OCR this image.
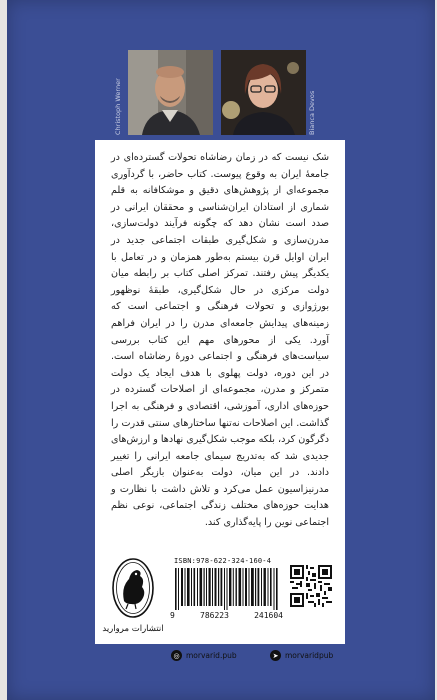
Christoph Werner	Bianca Devos

شک نیست که در زمان رضاشاه تحولات گسترده‌ای در جامعهٔ ایران به وقوع پیوست. کتاب حاضر، با گردآوری مجموعه‌ای از پژوهش‌های دقیق و موشکافانه به قلم شماری از استادان ایران‌شناسی و محققان ایرانی در صدد است نشان دهد که چگونه فرآیند دولت‌سازی، مدرن‌سازی و شکل‌گیری طبقات اجتماعی جدید در ایران اوایل قرن بیستم به‌طور همزمان و در تعامل با یکدیگر پیش رفتند. تمرکز اصلی کتاب بر رابطه میان دولت مرکزی در حال شکل‌گیری، طبقهٔ نوظهور بورژوازی و تحولات فرهنگی و اجتماعی است که زمینه‌های پیدایش جامعه‌ای مدرن را در ایران فراهم آورد. یکی از محورهای مهم این کتاب بررسی سیاست‌های فرهنگی و اجتماعی دورهٔ رضاشاه است. در این دوره، دولت پهلوی با هدف ایجاد یک دولت متمرکز و مدرن، مجموعه‌ای از اصلاحات گسترده در حوزه‌های اداری، آموزشی، اقتصادی و فرهنگی به اجرا گذاشت. این اصلاحات نه‌تنها ساختارهای سنتی قدرت را دگرگون کرد، بلکه موجب شکل‌گیری نهادها و ارزش‌های جدیدی شد که به‌تدریج سیمای جامعه ایرانی را تغییر دادند. در این میان، دولت به‌عنوان بازیگر اصلی مدرنیزاسیون عمل می‌کرد و تلاش داشت با نظارت و هدایت حوزه‌های مختلف زندگی اجتماعی، نوعی نظم اجتماعی نوین را پایه‌گذاری کند.

انتشارات مروارید
ISBN:978-622-324-160-4
9	786223	241604
◎ morvarid.pub	➤ morvaridpub
